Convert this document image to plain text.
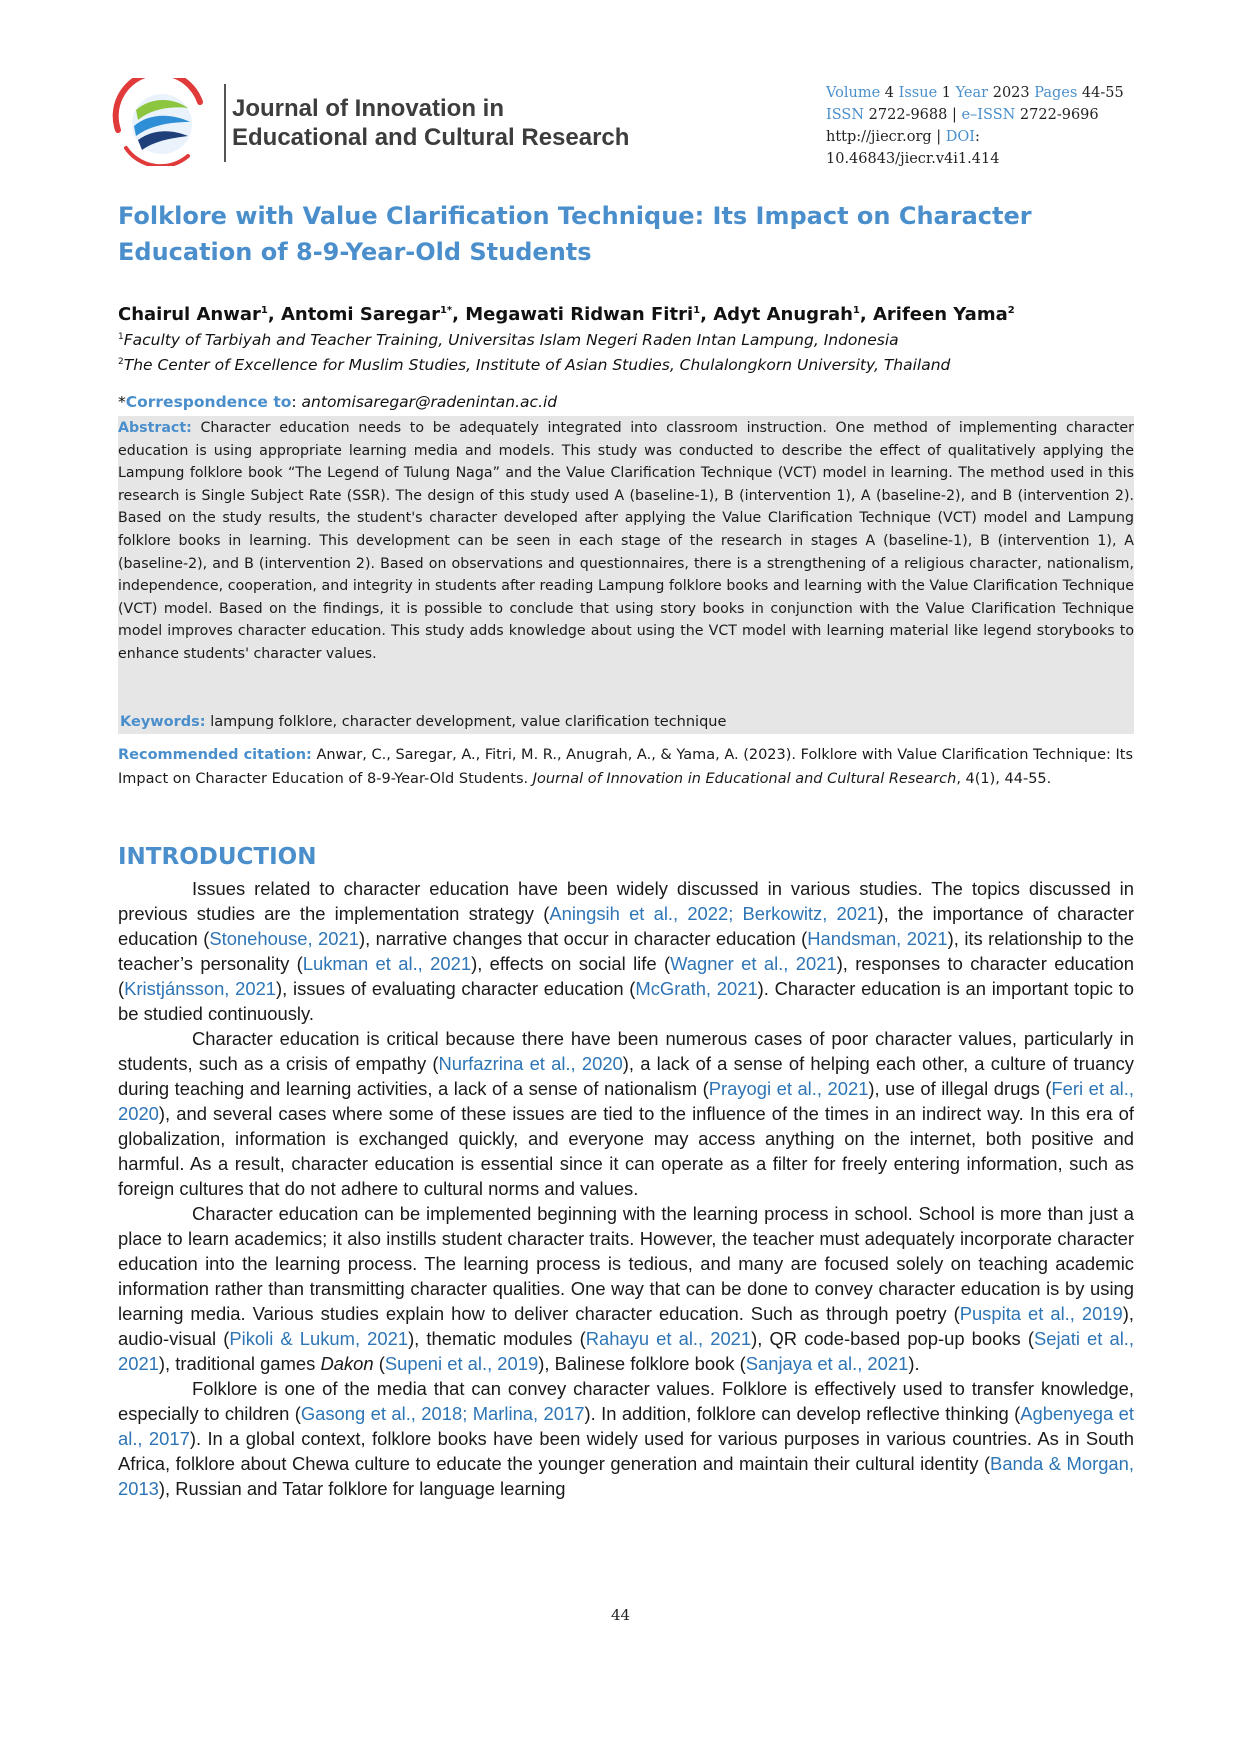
Journal of Innovation in
Educational and Cultural Research
Volume 4 Issue 1 Year 2023 Pages 44-55
ISSN 2722-9688 | e–ISSN 2722-9696
http://jiecr.org | DOI: 10.46843/jiecr.v4i1.414
Folklore with Value Clarification Technique: Its Impact on Character Education of 8-9-Year-Old Students
Chairul Anwar$^1$, Antomi Saregar$^{1*}$, Megawati Ridwan Fitri$^1$, Adyt Anugrah$^1$, Arifeen Yama$^2$
$^1$Faculty of Tarbiyah and Teacher Training, Universitas Islam Negeri Raden Intan Lampung, Indonesia
$^2$The Center of Excellence for Muslim Studies, Institute of Asian Studies, Chulalongkorn University, Thailand
*Correspondence to: antomisaregar@radenintan.ac.id
Abstract: Character education needs to be adequately integrated into classroom instruction. One method of implementing character education is using appropriate learning media and models. This study was conducted to describe the effect of qualitatively applying the Lampung folklore book “The Legend of Tulung Naga” and the Value Clarification Technique (VCT) model in learning. The method used in this research is Single Subject Rate (SSR). The design of this study used A (baseline-1), B (intervention 1), A (baseline-2), and B (intervention 2). Based on the study results, the student's character developed after applying the Value Clarification Technique (VCT) model and Lampung folklore books in learning. This development can be seen in each stage of the research in stages A (baseline-1), B (intervention 1), A (baseline-2), and B (intervention 2). Based on observations and questionnaires, there is a strengthening of a religious character, nationalism, independence, cooperation, and integrity in students after reading Lampung folklore books and learning with the Value Clarification Technique (VCT) model. Based on the findings, it is possible to conclude that using story books in conjunction with the Value Clarification Technique model improves character education. This study adds knowledge about using the VCT model with learning material like legend storybooks to enhance students' character values.
Keywords: lampung folklore, character development, value clarification technique
Recommended citation: Anwar, C., Saregar, A., Fitri, M. R., Anugrah, A., & Yama, A. (2023). Folklore with Value Clarification Technique: Its Impact on Character Education of 8-9-Year-Old Students. Journal of Innovation in Educational and Cultural Research, 4(1), 44-55.
INTRODUCTION

Issues related to character education have been widely discussed in various studies. The topics discussed in previous studies are the implementation strategy (Aningsih et al., 2022; Berkowitz, 2021), the importance of character education (Stonehouse, 2021), narrative changes that occur in character education (Handsman, 2021), its relationship to the teacher’s personality (Lukman et al., 2021), effects on social life (Wagner et al., 2021), responses to character education (Kristjánsson, 2021), issues of evaluating character education (McGrath, 2021). Character education is an important topic to be studied continuously.

Character education is critical because there have been numerous cases of poor character values, particularly in students, such as a crisis of empathy (Nurfazrina et al., 2020), a lack of a sense of helping each other, a culture of truancy during teaching and learning activities, a lack of a sense of nationalism (Prayogi et al., 2021), use of illegal drugs (Feri et al., 2020), and several cases where some of these issues are tied to the influence of the times in an indirect way. In this era of globalization, information is exchanged quickly, and everyone may access anything on the internet, both positive and harmful. As a result, character education is essential since it can operate as a filter for freely entering information, such as foreign cultures that do not adhere to cultural norms and values.

Character education can be implemented beginning with the learning process in school. School is more than just a place to learn academics; it also instills student character traits. However, the teacher must adequately incorporate character education into the learning process. The learning process is tedious, and many are focused solely on teaching academic information rather than transmitting character qualities. One way that can be done to convey character education is by using learning media. Various studies explain how to deliver character education. Such as through poetry (Puspita et al., 2019), audio-visual (Pikoli & Lukum, 2021), thematic modules (Rahayu et al., 2021), QR code-based pop-up books (Sejati et al., 2021), traditional games Dakon (Supeni et al., 2019), Balinese folklore book (Sanjaya et al., 2021).

Folklore is one of the media that can convey character values. Folklore is effectively used to transfer knowledge, especially to children (Gasong et al., 2018; Marlina, 2017). In addition, folklore can develop reflective thinking (Agbenyega et al., 2017). In a global context, folklore books have been widely used for various purposes in various countries. As in South Africa, folklore about Chewa culture to educate the younger generation and maintain their cultural identity (Banda & Morgan, 2013), Russian and Tatar folklore for language learning

44
